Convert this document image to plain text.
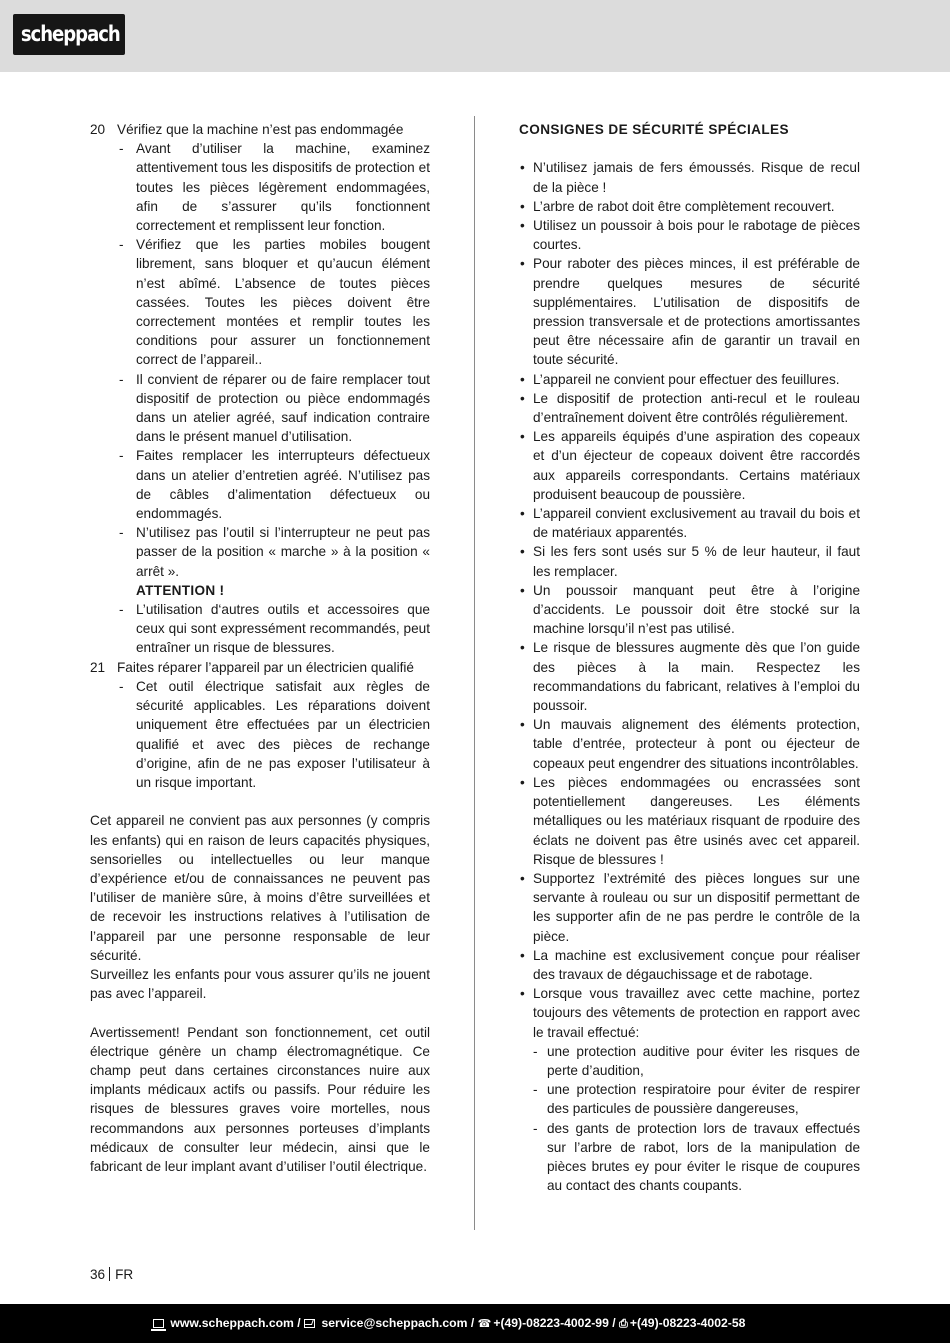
scheppach
20 Vérifiez que la machine n’est pas endommagée
- Avant d’utiliser la machine, examinez attentivement tous les dispositifs de protection et toutes les pièces légèrement endommagées, afin de s’assurer qu’ils fonctionnent correctement et remplissent leur fonction.
- Vérifiez que les parties mobiles bougent librement, sans bloquer et qu’aucun élément n’est abîmé. L’absence de toutes pièces cassées. Toutes les pièces doivent être correctement montées et remplir toutes les conditions pour assurer un fonctionnement correct de l’appareil..
- Il convient de réparer ou de faire remplacer tout dispositif de protection ou pièce endommagés dans un atelier agréé, sauf indication contraire dans le présent manuel d’utilisation.
- Faites remplacer les interrupteurs défectueux dans un atelier d’entretien agréé. N’utilisez pas de câbles d’alimentation défectueux ou endommagés.
- N’utilisez pas l’outil si l’interrupteur ne peut pas passer de la position « marche » à la position « arrêt ».
ATTENTION !
- L’utilisation d‘autres outils et accessoires que ceux qui sont expressément recommandés, peut entraîner un risque de blessures.
21 Faites réparer l’appareil par un électricien qualifié
- Cet outil électrique satisfait aux règles de sécurité applicables. Les réparations doivent uniquement être effectuées par un électricien qualifié et avec des pièces de rechange d’origine, afin de ne pas exposer l’utilisateur à un risque important.
Cet appareil ne convient pas aux personnes (y compris les enfants) qui en raison de leurs capacités physiques, sensorielles ou intellectuelles ou leur manque d’expérience et/ou de connaissances ne peuvent pas l’utiliser de manière sûre, à moins d’être surveillées et de recevoir les instructions relatives à l’utilisation de l’appareil par une personne responsable de leur sécurité.
Surveillez les enfants pour vous assurer qu’ils ne jouent pas avec l’appareil.
Avertissement! Pendant son fonctionnement, cet outil électrique génère un champ électromagnétique. Ce champ peut dans certaines circonstances nuire aux implants médicaux actifs ou passifs. Pour réduire les risques de blessures graves voire mortelles, nous recommandons aux personnes porteuses d’implants médicaux de consulter leur médecin, ainsi que le fabricant de leur implant avant d’utiliser l’outil électrique.
CONSIGNES DE SÉCURITÉ SPÉCIALES
• N’utilisez jamais de fers émoussés. Risque de recul de la pièce !
• L’arbre de rabot doit être complètement recouvert.
• Utilisez un poussoir à bois pour le rabotage de pièces courtes.
• Pour raboter des pièces minces, il est préférable de prendre quelques mesures de sécurité supplémentaires. L’utilisation de dispositifs de pression transversale et de protections amortissantes peut être nécessaire afin de garantir un travail en toute sécurité.
• L’appareil ne convient pour effectuer des feuillures.
• Le dispositif de protection anti-recul et le rouleau d’entraînement doivent être contrôlés régulièrement.
• Les appareils équipés d’une aspiration des copeaux et d’un éjecteur de copeaux doivent être raccordés aux appareils correspondants. Certains matériaux produisent beaucoup de poussière.
• L’appareil convient exclusivement au travail du bois et de matériaux apparentés.
• Si les fers sont usés sur 5 % de leur hauteur, il faut les remplacer.
• Un poussoir manquant peut être à l’origine d’accidents. Le poussoir doit être stocké sur la machine lorsqu’il n’est pas utilisé.
• Le risque de blessures augmente dès que l’on guide des pièces à la main. Respectez les recommandations du fabricant, relatives à l’emploi du poussoir.
• Un mauvais alignement des éléments protection, table d’entrée, protecteur à pont ou éjecteur de copeaux peut engendrer des situations incontrôlables.
• Les pièces endommagées ou encrassées sont potentiellement dangereuses. Les éléments métalliques ou les matériaux risquant de rpoduire des éclats ne doivent pas être usinés avec cet appareil. Risque de blessures !
• Supportez l’extrémité des pièces longues sur une servante à rouleau ou sur un dispositif permettant de les supporter afin de ne pas perdre le contrôle de la pièce.
• La machine est exclusivement conçue pour réaliser des travaux de dégauchissage et de rabotage.
• Lorsque vous travaillez avec cette machine, portez toujours des vêtements de protection en rapport avec le travail effectué:
- une protection auditive pour éviter les risques de perte d’audition,
- une protection respiratoire pour éviter de respirer des particules de poussière dangereuses,
- des gants de protection lors de travaux effectués sur l’arbre de rabot, lors de la manipulation de pièces brutes ey pour éviter le risque de coupures au contact des chants coupants.
36 FR
www.scheppach.com / service@scheppach.com / ☎ +(49)-08223-4002-99 / ⎙ +(49)-08223-4002-58
